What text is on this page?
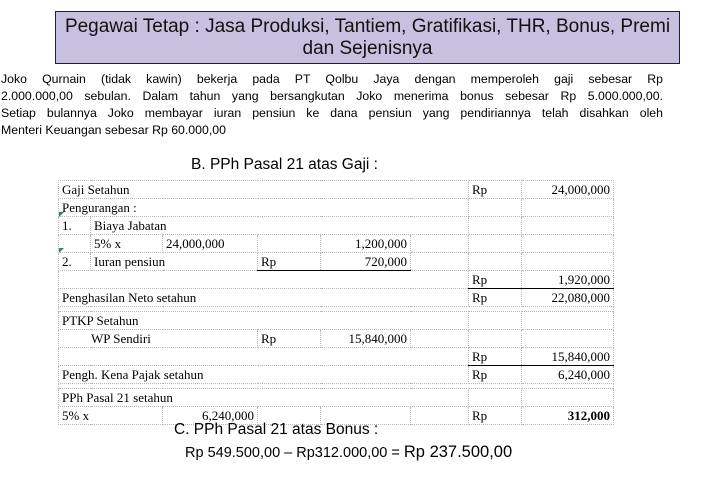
Pegawai Tetap : Jasa Produksi, Tantiem, Gratifikasi, THR, Bonus, Premi
dan Sejenisnya
Joko Qurnain (tidak kawin) bekerja pada PT Qolbu Jaya dengan memperoleh gaji sebesar Rp
2.000.000,00 sebulan. Dalam tahun yang bersangkutan Joko menerima bonus sebesar Rp 5.000.000,00.
Setiap bulannya Joko membayar iuran pensiun ke dana pensiun yang pendiriannya telah disahkan oleh
Menteri Keuangan sebesar Rp 60.000,00
B. PPh Pasal 21 atas Gaji :
Gaji Setahun						Rp	24,000,000
Pengurangan :							
1.	Biaya Jabatan						
	5% x	24,000,000		1,200,000			
2.	Iuran pensiun		Rp	720,000			
						Rp	1,920,000
Penghasilan Neto setahun						Rp	22,080,000

PTKP Setahun							
WP Sendiri			Rp	15,840,000			
						Rp	15,840,000
Pengh. Kena Pajak setahun						Rp	6,240,000

PPh Pasal 21 setahun							
5% x		6,240,000				Rp	312,000
C. PPh Pasal 21 atas Bonus :
Rp 549.500,00 – Rp312.000,00 = Rp 237.500,00
